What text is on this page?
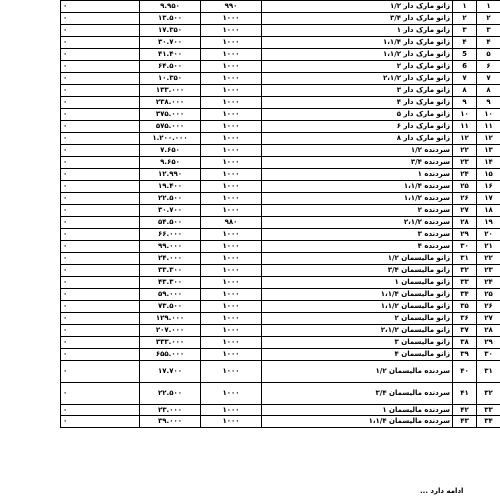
۰	۹.۹۵۰	۹۹۰	زانو مارک دار ۱/۲	۱	۱
۰	۱۳.۵۰۰	۱۰۰۰	زانو مارک دار ۳/۴	۲	۲
۰	۱۷.۳۵۰	۱۰۰۰	زانو مارک دار ۱	۳	۳
۰	۳۰.۷۰۰	۱۰۰۰	زانو مارک دار ۱،۱/۴	۴	۴
۰	۴۱.۴۰۰	۱۰۰۰	زانو مارک دار ۱،۱/۲	5	۵
۰	۶۴.۵۰۰	۱۰۰۰	زانو مارک دار ۲	6	۶
۰	۱۰.۳۵۰	۱۰۰۰	زانو مارک دار ۲،۱/۲	۷	۷
۰	۱۳۳.۰۰۰	۱۰۰۰	زانو مارک دار ۳	۸	۸
۰	۲۳۸.۰۰۰	۱۰۰۰	زانو مارک دار ۴	۹	۹
۰	۳۷۵.۰۰۰	۱۰۰۰	زانو مارک دار ۵	۱۰	۱۰
۰	۵۷۵.۰۰۰	۱۰۰۰	زانو مارک دار ۶	۱۱	۱۱
۰	۱.۲۰۰.۰۰۰	۱۰۰۰	زانو مارک دار ۸	۱۲	۱۲
۰	۷.۶۵۰	۱۰۰۰	سردنده ۱/۲	۲۲	۱۳
۰	۹.۶۵۰	۱۰۰۰	سردنده ۳/۴	۲۳	۱۴
۰	۱۲.۹۹۰	۱۰۰۰	سردنده ۱	۲۴	۱۵
۰	۱۹.۴۰۰	۱۰۰۰	سردنده ۱،۱/۴	۲۵	۱۶
۰	۲۲.۵۰۰	۱۰۰۰	سردنده ۱،۱/۲	۲۶	۱۷
۰	۳۰.۷۰۰	۱۰۰۰	سردنده ۲	۲۷	۱۸
۰	۵۴.۵۰۰	۹۸۰	سردنده ۲،۱/۲	۲۸	۱۹
۰	۶۶.۰۰۰	۱۰۰۰	سردنده ۳	۲۹	۲۰
۰	۹۹.۰۰۰	۱۰۰۰	سردنده ۴	۳۰	۲۱
۰	۲۴.۰۰۰	۱۰۰۰	زانو مالیسمان ۱/۲	۳۱	۲۲
۰	۳۳.۳۰۰	۱۰۰۰	زانو مالیسمان ۳/۴	۳۲	۲۳
۰	۴۳.۳۰۰	۱۰۰۰	زانو مالیسمان ۱	۳۳	۲۴
۰	۵۹.۰۰۰	۱۰۰۰	زانو مالیسمان ۱،۱/۴	۳۴	۲۵
۰	۷۳.۵۰۰	۱۰۰۰	زانو مالیسمان ۱،۱/۲	۳۵	۲۶
۰	۱۲۹.۰۰۰	۱۰۰۰	زانو مالیسمان ۲	۳۶	۲۷
۰	۲۰۷.۰۰۰	۱۰۰۰	زانو مالیسمان ۲،۱/۲	۳۷	۲۸
۰	۳۳۳.۰۰۰	۱۰۰۰	زانو مالیسمان ۳	۳۸	۲۹
۰	۶۵۵.۰۰۰	۱۰۰۰	زانو مالیسمان ۴	۳۹	۳۰
۰	۱۷.۷۰۰	۱۰۰۰	سردنده مالیسمان ۱/۲	۴۰	۳۱
۰	۲۲.۵۰۰	۱۰۰۰	سردنده مالیسمان ۳/۴	۴۱	۳۲
۰	۲۳.۰۰۰	۱۰۰۰	سردنده مالیسمان ۱	۴۲	۳۳
۰	۳۹.۰۰۰	۱۰۰۰	سردنده مالیسمان ۱،۱/۴	۴۳	۳۴
ادامه دارد ...
